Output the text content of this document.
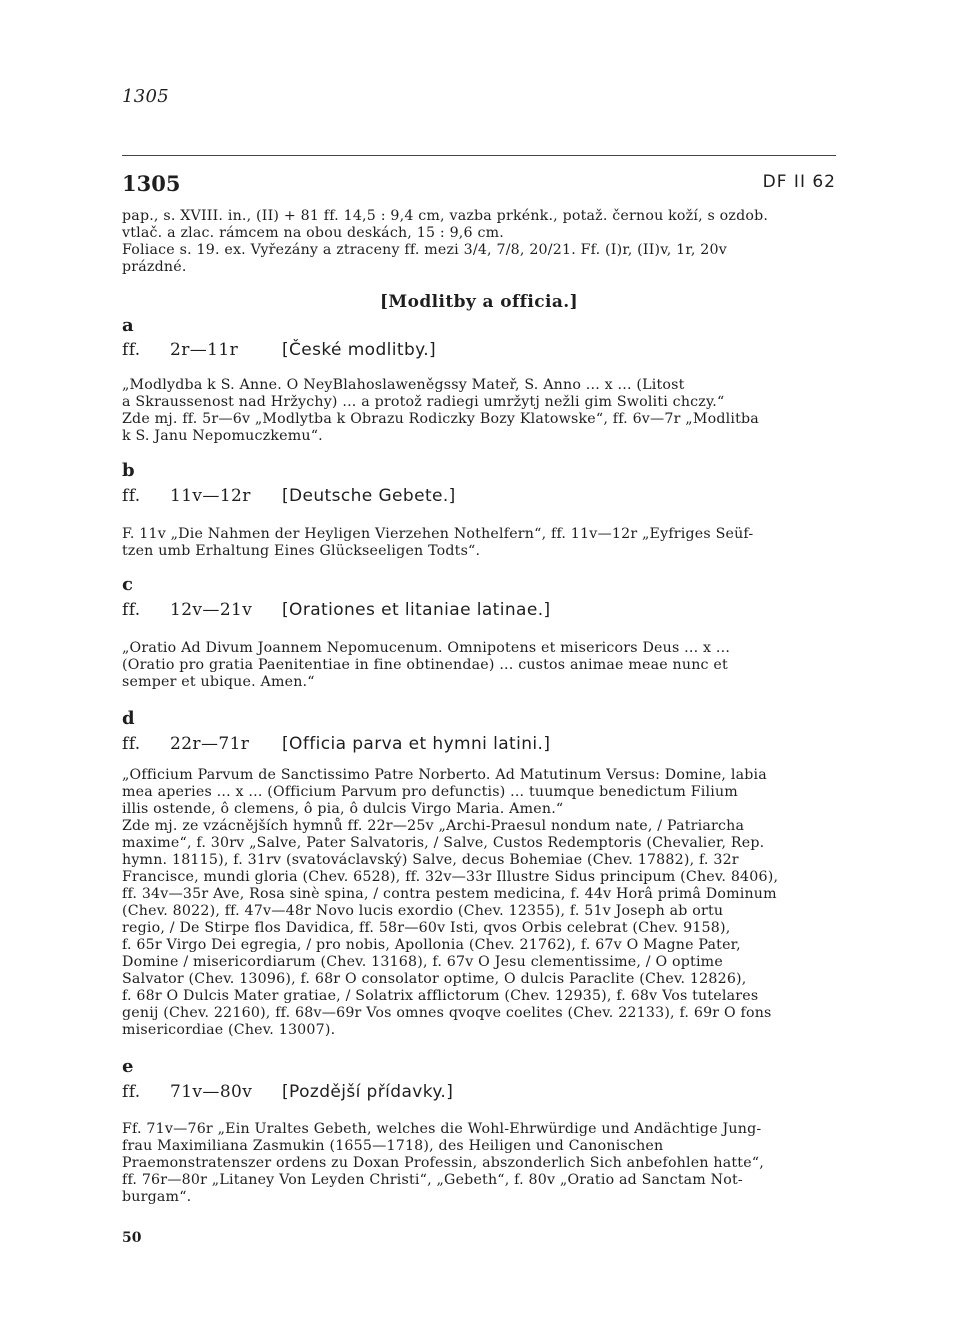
1305
1305	DF II 62
pap., s. XVIII. in., (II) + 81 ff. 14,5 : 9,4 cm, vazba prkénk., potaž. černou koží, s ozdob.
vtlač. a zlac. rámcem na obou deskách, 15 : 9,6 cm.
Foliace s. 19. ex. Vyřezány a ztraceny ff. mezi 3/4, 7/8, 20/21. Ff. (I)r, (II)v, 1r, 20v
prázdné.
[Modlitby a officia.]
a
ff. 2r—11r	[České modlitby.]
„Modlydba k S. Anne. O NeyBlahoslaweněgssy Mateř, S. Anno ... x ... (Litost
a Skraussenost nad Hržychy) ... a protož radiegi umržytj nežli gim Swoliti chczy.“
Zde mj. ff. 5r—6v „Modlytba k Obrazu Rodiczky Bozy Klatowske“, ff. 6v—7r „Modlitba
k S. Janu Nepomuczkemu“.
b
ff. 11v—12r [Deutsche Gebete.]
F. 11v „Die Nahmen der Heyligen Vierzehen Nothelfern“, ff. 11v—12r „Eyfriges Seüf-
tzen umb Erhaltung Eines Glückseeligen Todts“.
c
ff. 12v—21v [Orationes et litaniae latinae.]
„Oratio Ad Divum Joannem Nepomucenum. Omnipotens et misericors Deus ... x ...
(Oratio pro gratia Paenitentiae in fine obtinendae) ... custos animae meae nunc et
semper et ubique. Amen.“
d
ff. 22r—71r [Officia parva et hymni latini.]
„Officium Parvum de Sanctissimo Patre Norberto. Ad Matutinum Versus: Domine, labia
mea aperies ... x ... (Officium Parvum pro defunctis) ... tuumque benedictum Filium
illis ostende, ô clemens, ô pia, ô dulcis Virgo Maria. Amen.“
Zde mj. ze vzácnějších hymnů ff. 22r—25v „Archi-Praesul nondum nate, / Patriarcha
maxime“, f. 30rv „Salve, Pater Salvatoris, / Salve, Custos Redemptoris (Chevalier, Rep.
hymn. 18115), f. 31rv (svatováclavský) Salve, decus Bohemiae (Chev. 17882), f. 32r
Francisce, mundi gloria (Chev. 6528), ff. 32v—33r Illustre Sidus principum (Chev. 8406),
ff. 34v—35r Ave, Rosa sinè spina, / contra pestem medicina, f. 44v Horâ primâ Dominum
(Chev. 8022), ff. 47v—48r Novo lucis exordio (Chev. 12355), f. 51v Joseph ab ortu
regio, / De Stirpe flos Davidica, ff. 58r—60v Isti, qvos Orbis celebrat (Chev. 9158),
f. 65r Virgo Dei egregia, / pro nobis, Apollonia (Chev. 21762), f. 67v O Magne Pater,
Domine / misericordiarum (Chev. 13168), f. 67v O Jesu clementissime, / O optime
Salvator (Chev. 13096), f. 68r O consolator optime, O dulcis Paraclite (Chev. 12826),
f. 68r O Dulcis Mater gratiae, / Solatrix afflictorum (Chev. 12935), f. 68v Vos tutelares
genij (Chev. 22160), ff. 68v—69r Vos omnes qvoqve coelites (Chev. 22133), f. 69r O fons
misericordiae (Chev. 13007).
e
ff. 71v—80v [Pozdější přídavky.]
Ff. 71v—76r „Ein Uraltes Gebeth, welches die Wohl-Ehrwürdige und Andächtige Jung-
frau Maximiliana Zasmukin (1655—1718), des Heiligen und Canonischen
Praemonstratenszer ordens zu Doxan Professin, abszonderlich Sich anbefohlen hatte“,
ff. 76r—80r „Litaney Von Leyden Christi“, „Gebeth“, f. 80v „Oratio ad Sanctam Not-
burgam“.
50
